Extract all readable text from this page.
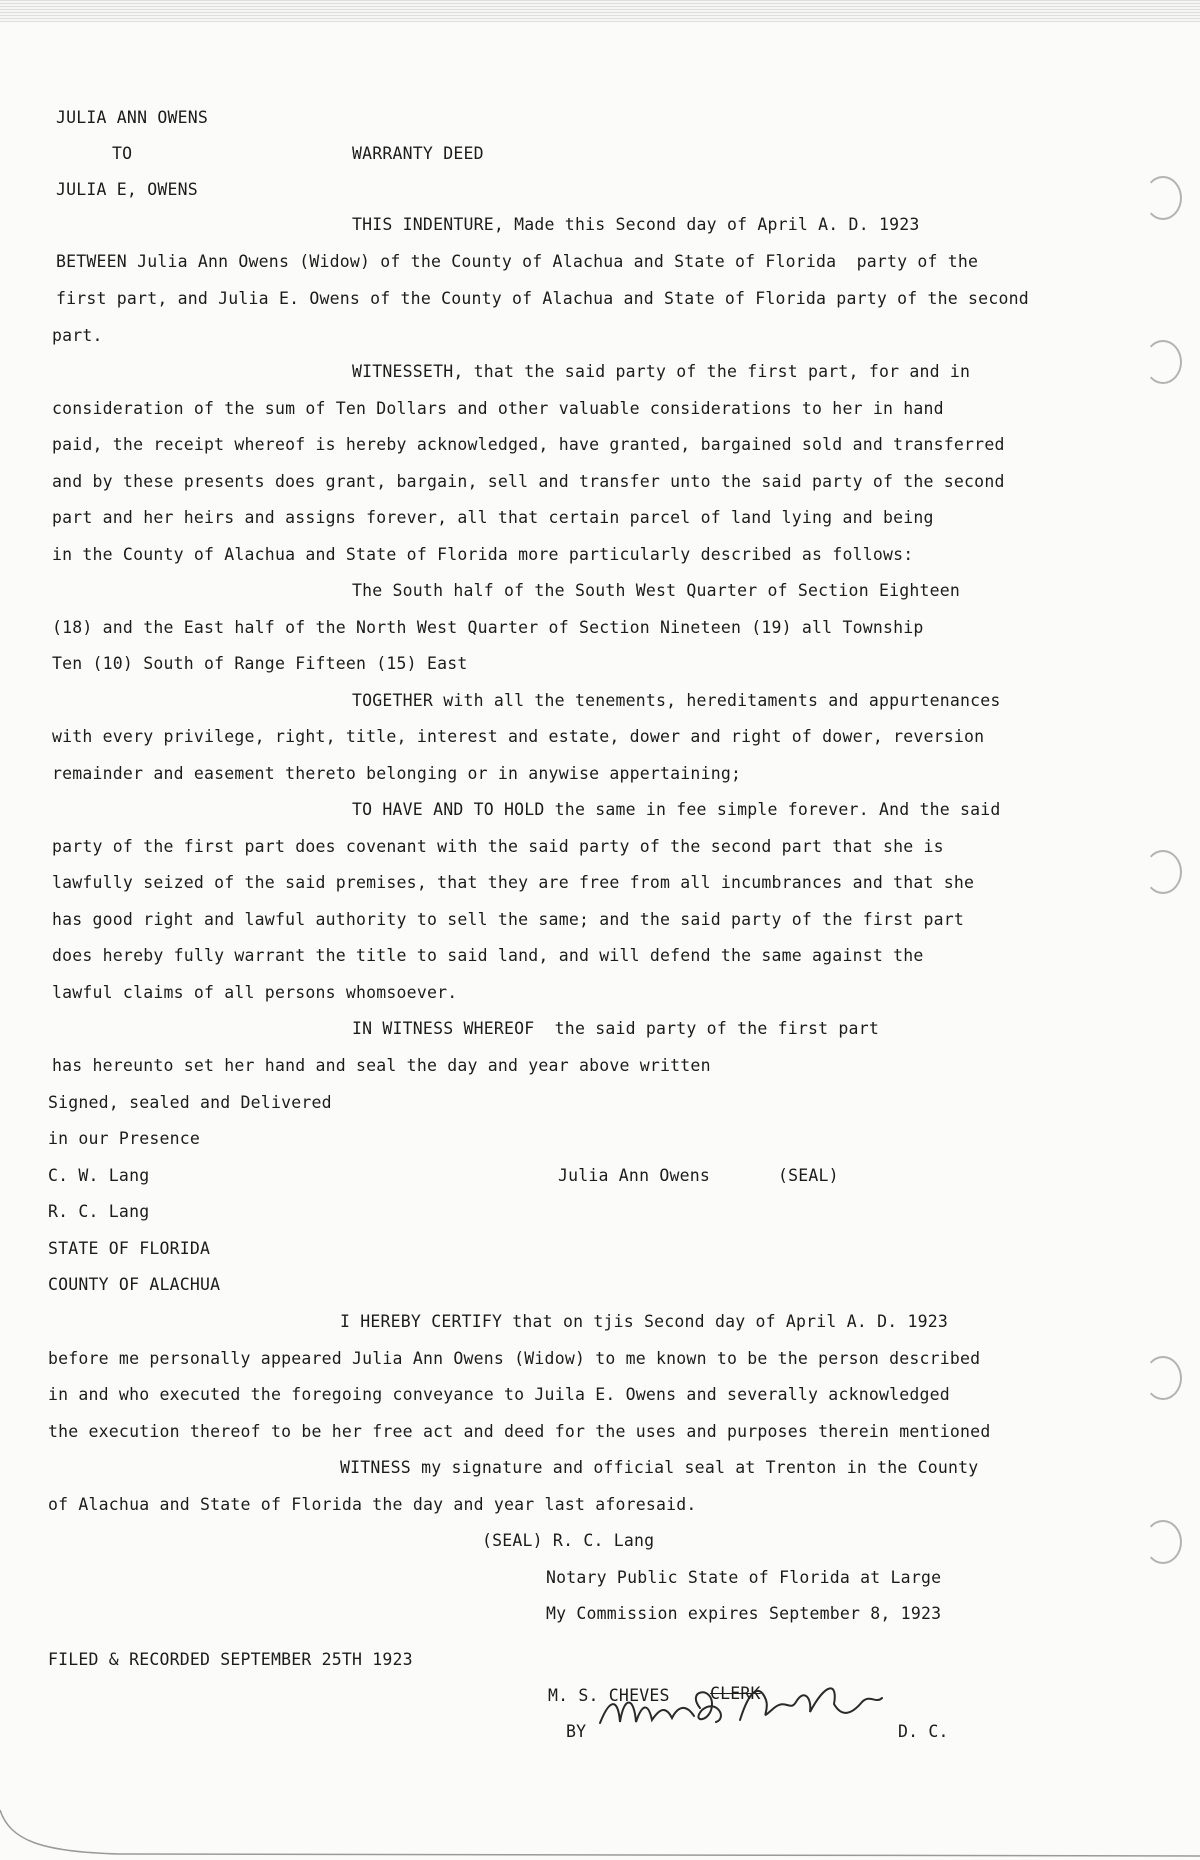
JULIA ANN OWENS
TO	WARRANTY DEED
JULIA E, OWENS
THIS INDENTURE, Made this Second day of April A. D. 1923
BETWEEN Julia Ann Owens (Widow) of the County of Alachua and State of Florida  party of the
first part, and Julia E. Owens of the County of Alachua and State of Florida party of the second
part.
WITNESSETH, that the said party of the first part, for and in
consideration of the sum of Ten Dollars and other valuable considerations to her in hand
paid, the receipt whereof is hereby acknowledged, have granted, bargained sold and transferred
and by these presents does grant, bargain, sell and transfer unto the said party of the second
part and her heirs and assigns forever, all that certain parcel of land lying and being
in the County of Alachua and State of Florida more particularly described as follows:
The South half of the South West Quarter of Section Eighteen
(18) and the East half of the North West Quarter of Section Nineteen (19) all Township
Ten (10) South of Range Fifteen (15) East
TOGETHER with all the tenements, hereditaments and appurtenances
with every privilege, right, title, interest and estate, dower and right of dower, reversion
remainder and easement thereto belonging or in anywise appertaining;
TO HAVE AND TO HOLD the same in fee simple forever. And the said
party of the first part does covenant with the said party of the second part that she is
lawfully seized of the said premises, that they are free from all incumbrances and that she
has good right and lawful authority to sell the same; and the said party of the first part
does hereby fully warrant the title to said land, and will defend the same against the
lawful claims of all persons whomsoever.
IN WITNESS WHEREOF  the said party of the first part
has hereunto set her hand and seal the day and year above written
Signed, sealed and Delivered
in our Presence
C. W. Lang	Julia Ann Owens	(SEAL)
R. C. Lang
STATE OF FLORIDA
COUNTY OF ALACHUA
I HEREBY CERTIFY that on tjis Second day of April A. D. 1923
before me personally appeared Julia Ann Owens (Widow) to me known to be the person described
in and who executed the foregoing conveyance to Juila E. Owens and severally acknowledged
the execution thereof to be her free act and deed for the uses and purposes therein mentioned
WITNESS my signature and official seal at Trenton in the County
of Alachua and State of Florida the day and year last aforesaid.
(SEAL) R. C. Lang
Notary Public State of Florida at Large
My Commission expires September 8, 1923
FILED & RECORDED SEPTEMBER 25TH 1923
M. S. CHEVES CLERK
BY	D. C.
